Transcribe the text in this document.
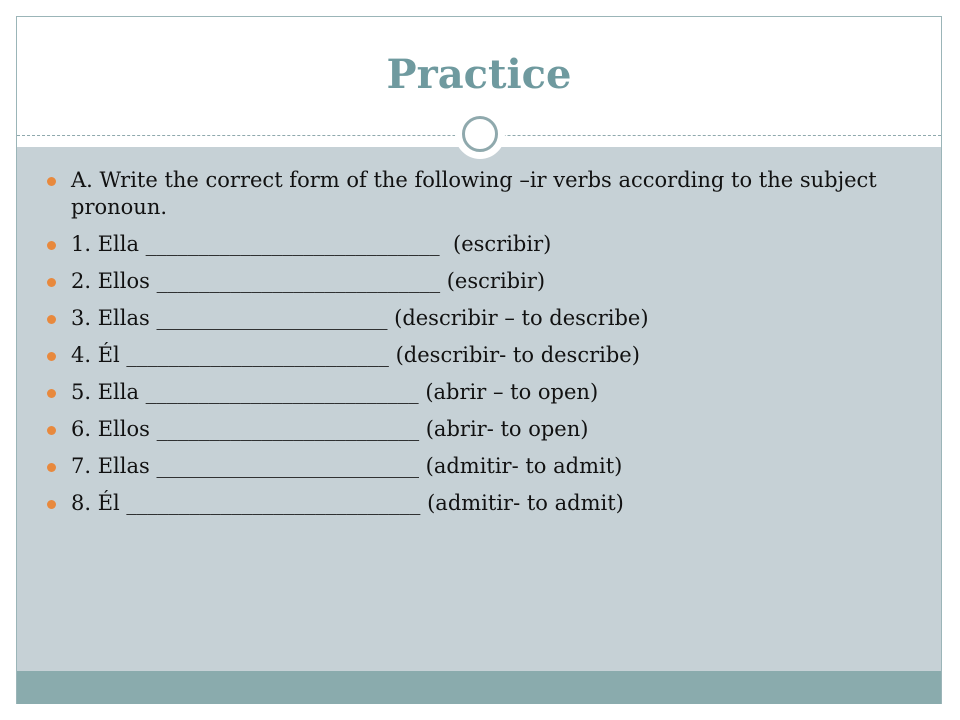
Practice
A. Write the correct form of the following –ir verbs according to the subject pronoun.
1. Ella ____________________________  (escribir)
2. Ellos ___________________________ (escribir)
3. Ellas ______________________ (describir – to describe)
4. Él _________________________ (describir- to describe)
5. Ella __________________________ (abrir – to open)
6. Ellos _________________________ (abrir- to open)
7. Ellas _________________________ (admitir- to admit)
8. Él ____________________________ (admitir- to admit)
